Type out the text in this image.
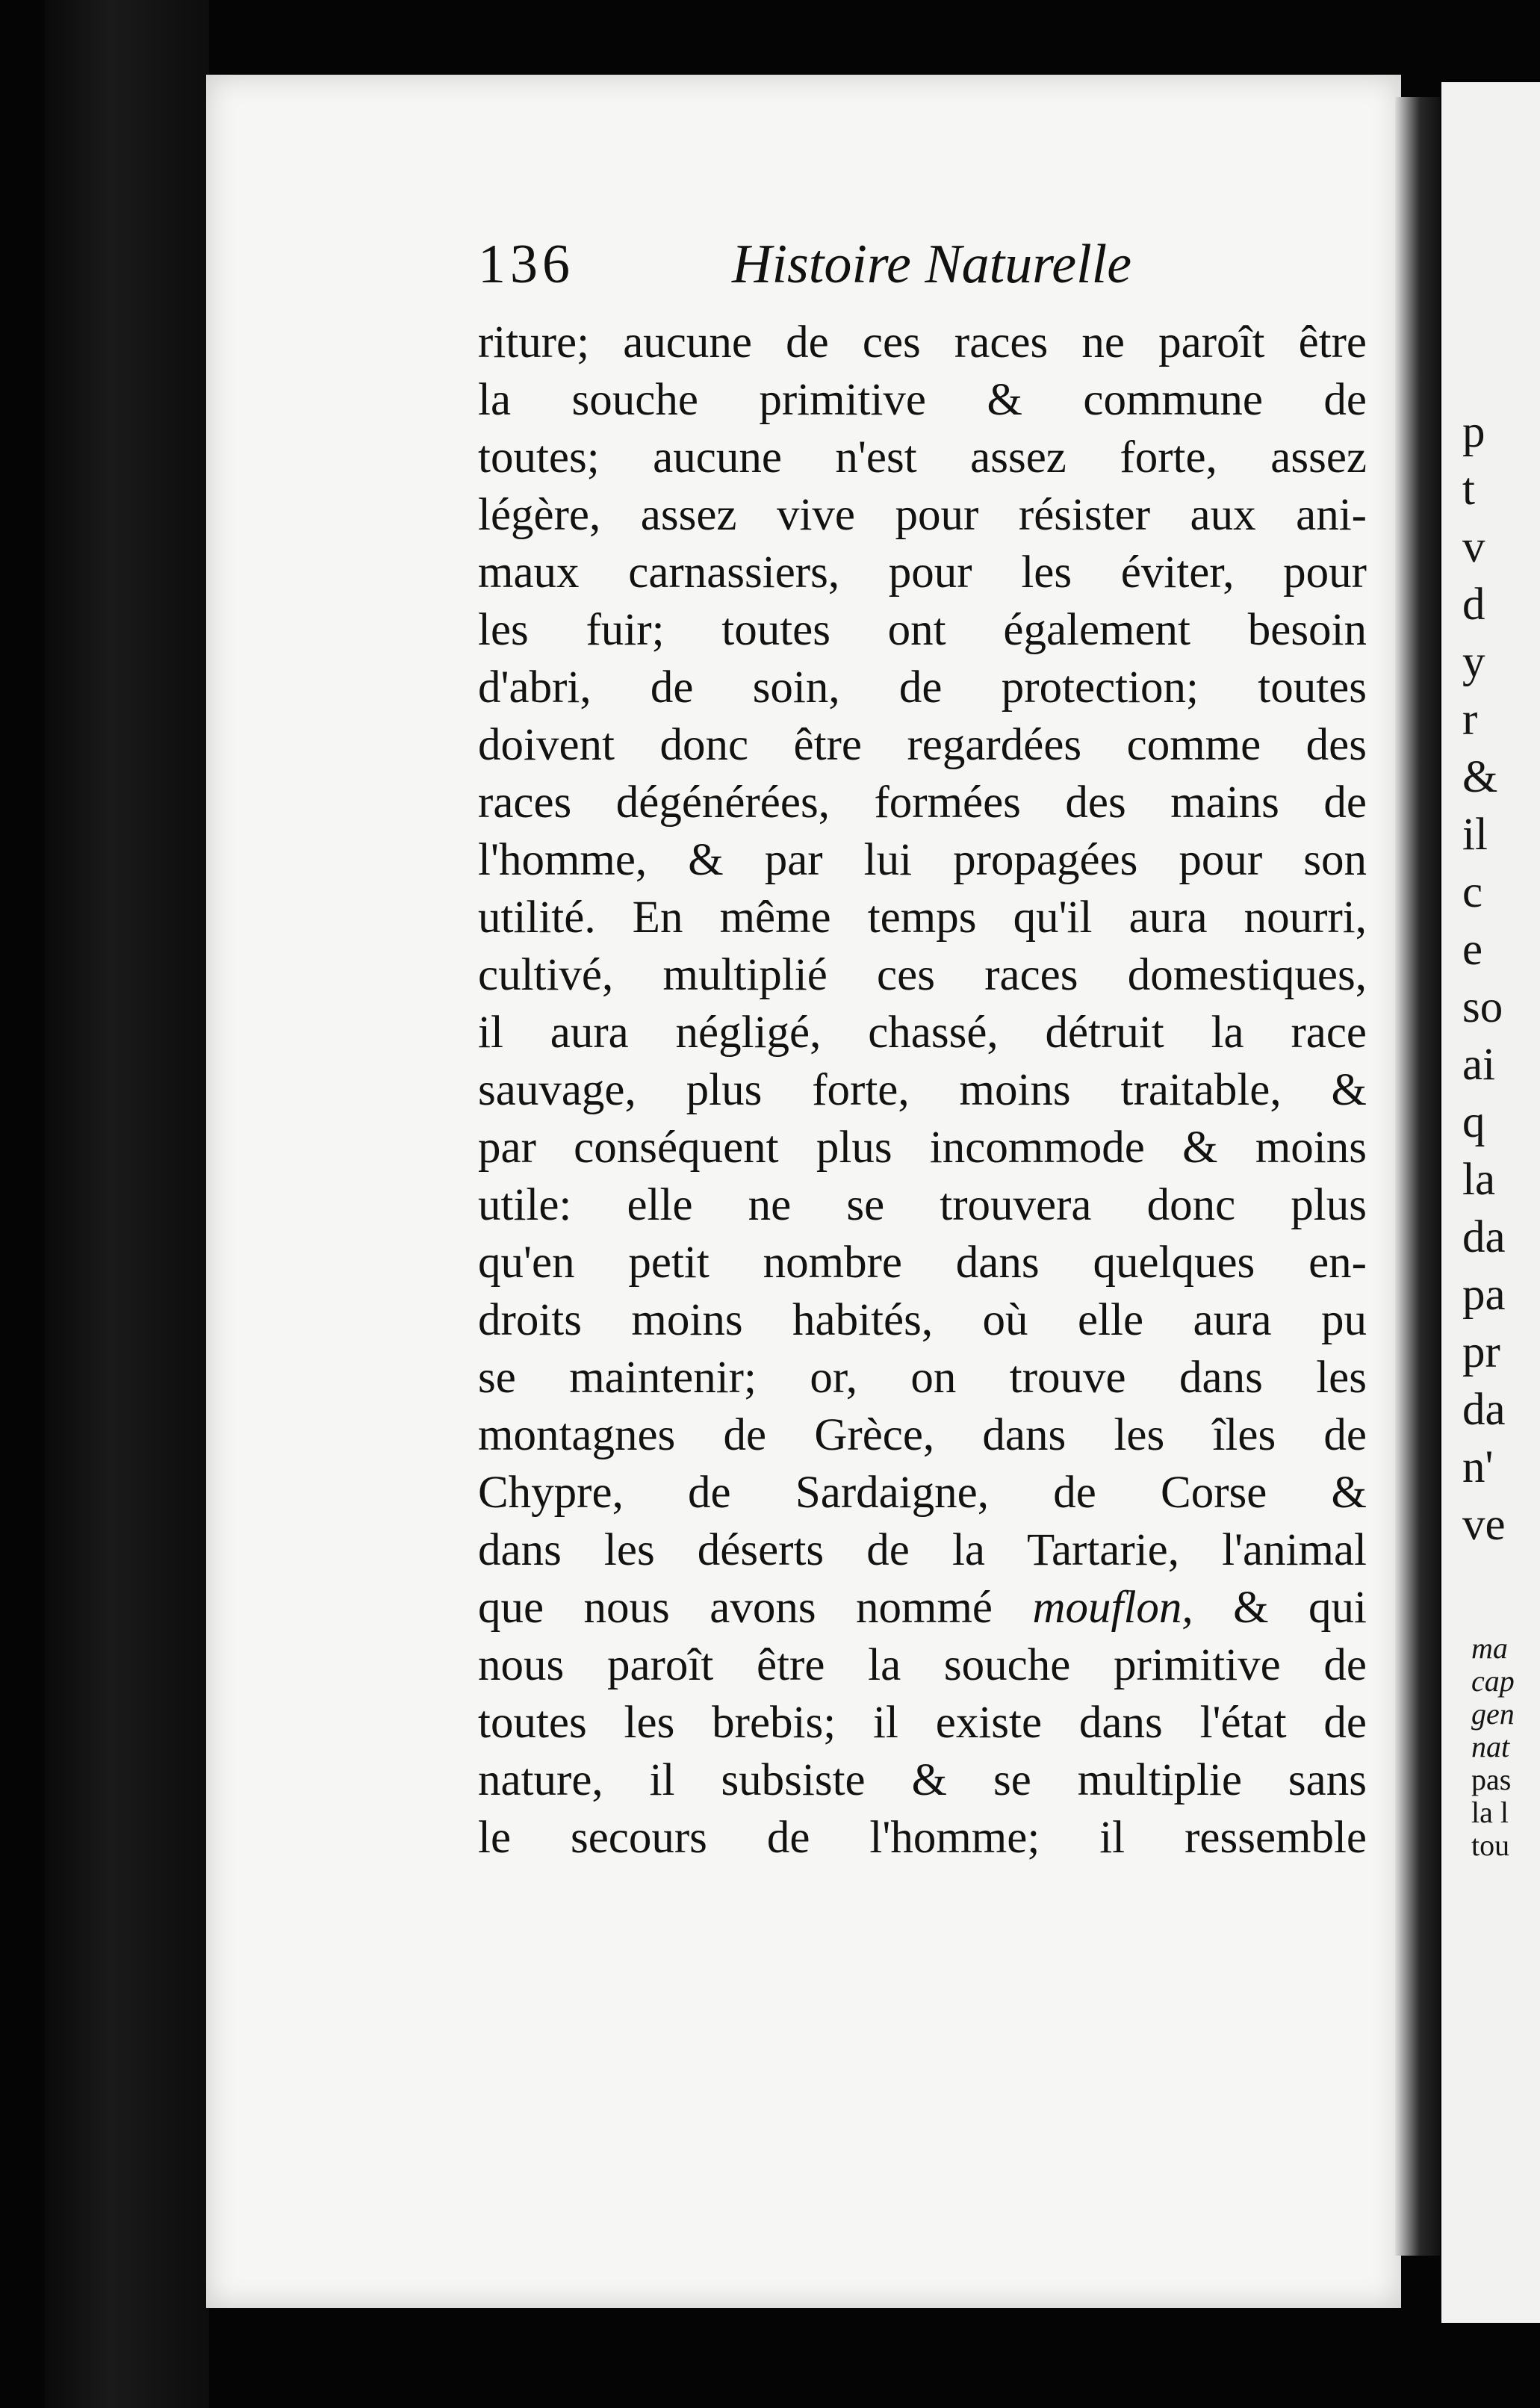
p
t
v
d
y
r
&
il
c
e
so
ai
q
la
da
pa
pr
da
n'
ve
ma
cap
gen
nat
pas
la l
tou
136	Histoire Naturelle
riture; aucune de ces races ne paroît être
la souche primitive & commune de
toutes; aucune n'est assez forte, assez
légère, assez vive pour résister aux ani-
maux carnassiers, pour les éviter, pour
les fuir; toutes ont également besoin
d'abri, de soin, de protection; toutes
doivent donc être regardées comme des
races dégénérées, formées des mains de
l'homme, & par lui propagées pour son
utilité. En même temps qu'il aura nourri,
cultivé, multiplié ces races domestiques,
il aura négligé, chassé, détruit la race
sauvage, plus forte, moins traitable, &
par conséquent plus incommode & moins
utile: elle ne se trouvera donc plus
qu'en petit nombre dans quelques en-
droits moins habités, où elle aura pu
se maintenir; or, on trouve dans les
montagnes de Grèce, dans les îles de
Chypre, de Sardaigne, de Corse &
dans les déserts de la Tartarie, l'animal
que nous avons nommé mouflon, & qui
nous paroît être la souche primitive de
toutes les brebis; il existe dans l'état de
nature, il subsiste & se multiplie sans
le secours de l'homme; il ressemble
